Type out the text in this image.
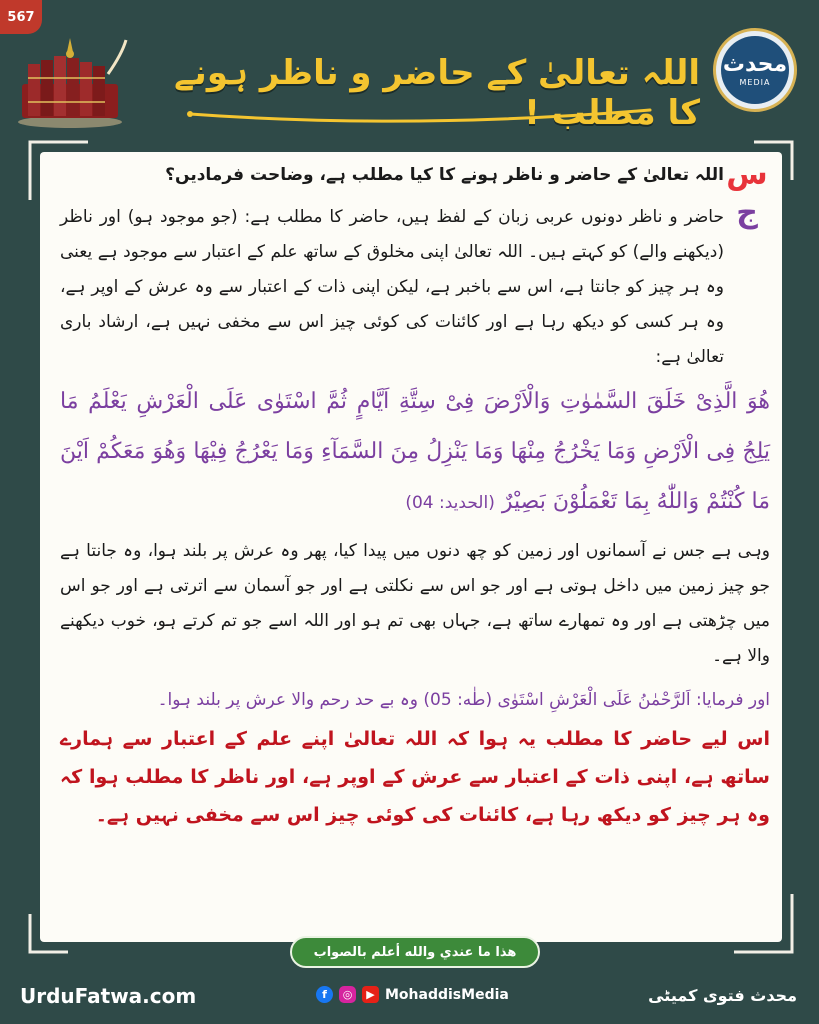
567
اللہ تعالیٰ کے حاضر و ناظر ہونے کا مطلب !
محدث
MEDIA
س
اللہ تعالیٰ کے حاضر و ناظر ہونے کا کیا مطلب ہے، وضاحت فرمادیں؟
ج
حاضر و ناظر دونوں عربی زبان کے لفظ ہیں، حاضر کا مطلب ہے: (جو موجود ہو) اور ناظر (دیکھنے والے) کو کہتے ہیں۔ اللہ تعالیٰ اپنی مخلوق کے ساتھ علم کے اعتبار سے موجود ہے یعنی وہ ہر چیز کو جانتا ہے، اس سے باخبر ہے، لیکن اپنی ذات کے اعتبار سے وہ عرش کے اوپر ہے، وہ ہر کسی کو دیکھ رہا ہے اور کائنات کی کوئی چیز اس سے مخفی نہیں ہے، ارشاد باری تعالیٰ ہے:
هُوَ الَّذِیْ خَلَقَ السَّمٰوٰتِ وَالْاَرْضَ فِیْ سِتَّةِ اَیَّامٍ ثُمَّ اسْتَوٰی عَلَی الْعَرْشِ یَعْلَمُ مَا یَلِجُ فِی الْاَرْضِ وَمَا یَخْرُجُ مِنْهَا وَمَا یَنْزِلُ مِنَ السَّمَآءِ وَمَا یَعْرُجُ فِیْهَا وَهُوَ مَعَكُمْ اَیْنَ مَا كُنْتُمْ وَاللّٰهُ بِمَا تَعْمَلُوْنَ بَصِیْرٌ (الحدید: 04)
وہی ہے جس نے آسمانوں اور زمین کو چھ دنوں میں پیدا کیا، پھر وہ عرش پر بلند ہوا، وہ جانتا ہے جو چیز زمین میں داخل ہوتی ہے اور جو اس سے نکلتی ہے اور جو آسمان سے اترتی ہے اور جو اس میں چڑھتی ہے اور وہ تمھارے ساتھ ہے، جہاں بھی تم ہو اور اللہ اسے جو تم کرتے ہو، خوب دیکھنے والا ہے۔
اور فرمایا: اَلرَّحْمٰنُ عَلَی الْعَرْشِ اسْتَوٰی (طٰه: 05) وہ بے حد رحم والا عرش پر بلند ہوا۔
اس لیے حاضر کا مطلب یہ ہوا کہ اللہ تعالیٰ اپنے علم کے اعتبار سے ہمارے ساتھ ہے، اپنی ذات کے اعتبار سے عرش کے اوپر ہے، اور ناظر کا مطلب ہوا کہ وہ ہر چیز کو دیکھ رہا ہے، کائنات کی کوئی چیز اس سے مخفی نہیں ہے۔
هذا ما عندي والله أعلم بالصواب
UrduFatwa.com	f	◎	▶ MohaddisMedia	محدث فتوی کمیٹی
